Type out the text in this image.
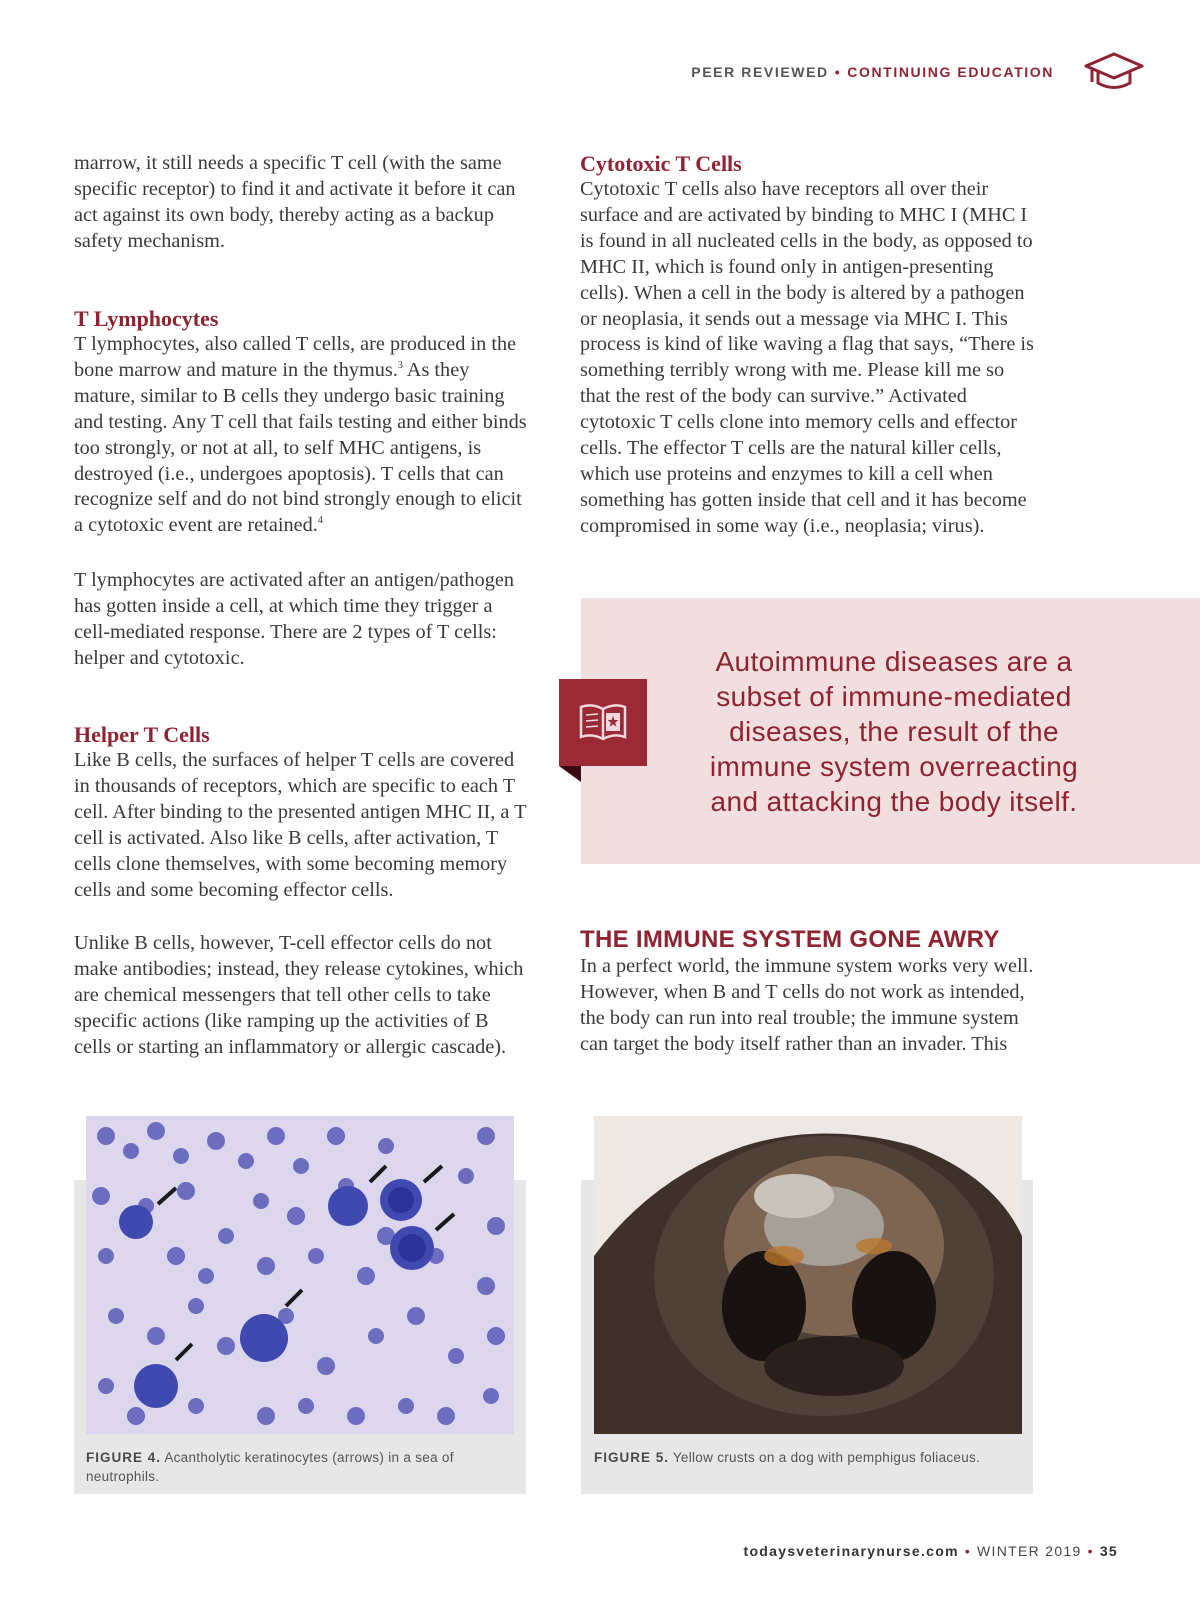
PEER REVIEWED • CONTINUING EDUCATION

marrow, it still needs a specific T cell (with the same specific receptor) to find it and activate it before it can act against its own body, thereby acting as a backup safety mechanism.

T Lymphocytes

T lymphocytes, also called T cells, are produced in the bone marrow and mature in the thymus.$^3$ As they mature, similar to B cells they undergo basic training and testing. Any T cell that fails testing and either binds too strongly, or not at all, to self MHC antigens, is destroyed (i.e., undergoes apoptosis). T cells that can recognize self and do not bind strongly enough to elicit a cytotoxic event are retained.$^4$

T lymphocytes are activated after an antigen/pathogen has gotten inside a cell, at which time they trigger a cell-mediated response. There are 2 types of T cells: helper and cytotoxic.

Helper T Cells

Like B cells, the surfaces of helper T cells are covered in thousands of receptors, which are specific to each T cell. After binding to the presented antigen MHC II, a T cell is activated. Also like B cells, after activation, T cells clone themselves, with some becoming memory cells and some becoming effector cells.

Unlike B cells, however, T-cell effector cells do not make antibodies; instead, they release cytokines, which are chemical messengers that tell other cells to take specific actions (like ramping up the activities of B cells or starting an inflammatory or allergic cascade).

Cytotoxic T Cells

Cytotoxic T cells also have receptors all over their surface and are activated by binding to MHC I (MHC I is found in all nucleated cells in the body, as opposed to MHC II, which is found only in antigen-presenting cells). When a cell in the body is altered by a pathogen or neoplasia, it sends out a message via MHC I. This process is kind of like waving a flag that says, “There is something terribly wrong with me. Please kill me so that the rest of the body can survive.” Activated cytotoxic T cells clone into memory cells and effector cells. The effector T cells are the natural killer cells, which use proteins and enzymes to kill a cell when something has gotten inside that cell and it has become compromised in some way (i.e., neoplasia; virus).

Autoimmune diseases are a subset of immune-mediated diseases, the result of the immune system overreacting and attacking the body itself.
THE IMMUNE SYSTEM GONE AWRY

In a perfect world, the immune system works very well. However, when B and T cells do not work as intended, the body can run into real trouble; the immune system can target the body itself rather than an invader. This

FIGURE 4. Acantholytic keratinocytes (arrows) in a sea of neutrophils.
FIGURE 5. Yellow crusts on a dog with pemphigus foliaceus.
todaysveterinarynurse.com • WINTER 2019 • 35
